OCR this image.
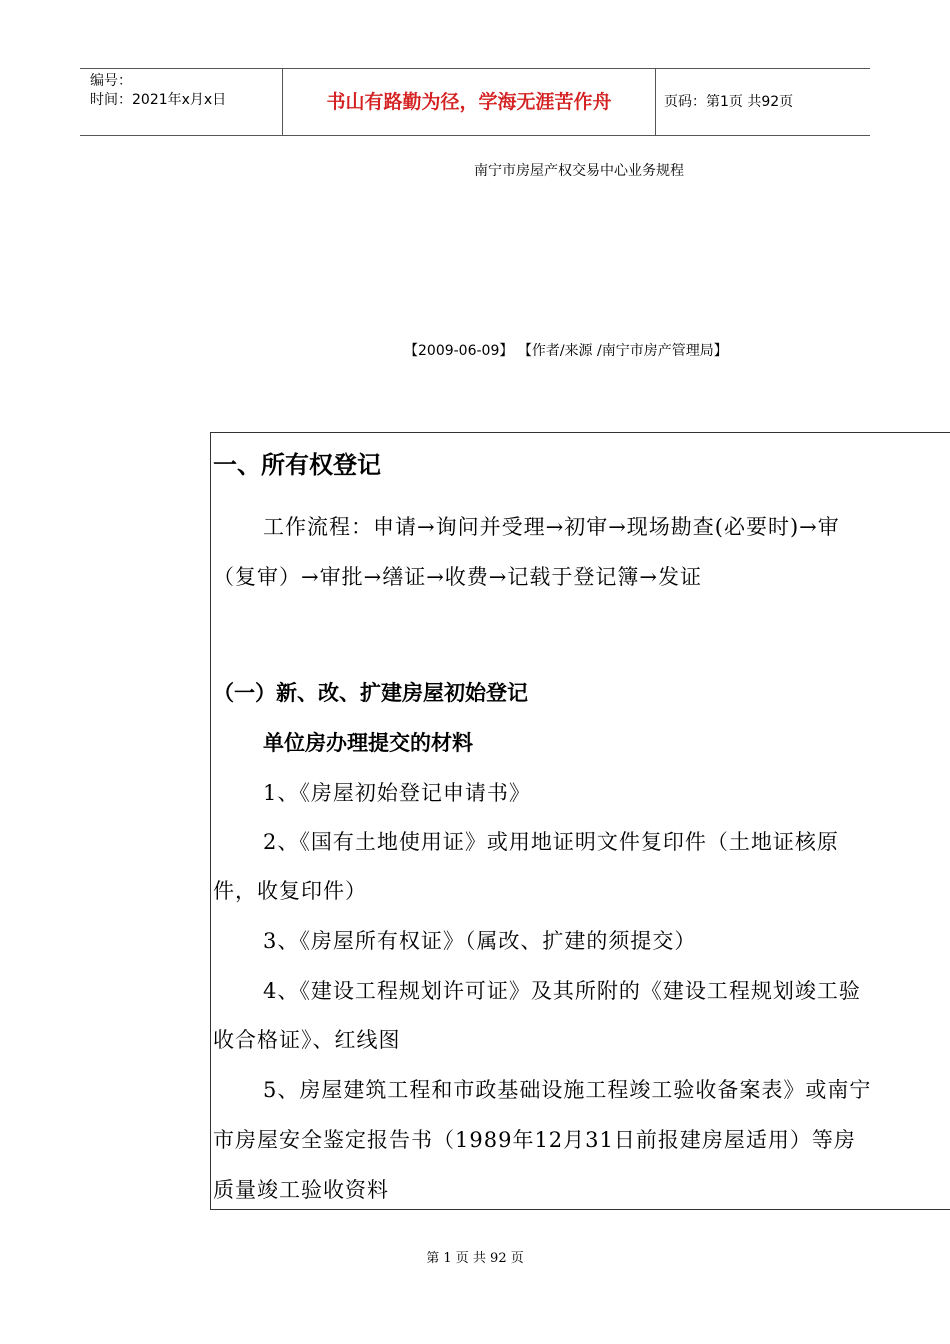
编号：
时间：2021年x月x日	书山有路勤为径，学海无涯苦作舟	页码：第1页 共92页
南宁市房屋产权交易中心业务规程
【2009-06-09】 【作者/来源 /南宁市房产管理局】
一、所有权登记
工作流程：申请→询问并受理→初审→现场勘查(必要时)→审
（复审）→审批→缮证→收费→记载于登记簿→发证
（一）新、改、扩建房屋初始登记
单位房办理提交的材料
1、《房屋初始登记申请书》
2、《国有土地使用证》或用地证明文件复印件（土地证核原
件，收复印件）
3、《房屋所有权证》（属改、扩建的须提交）
4、《建设工程规划许可证》及其所附的《建设工程规划竣工验
收合格证》、红线图
5、房屋建筑工程和市政基础设施工程竣工验收备案表》或南宁
市房屋安全鉴定报告书（1989年12月31日前报建房屋适用）等房
质量竣工验收资料
第 1 页 共 92 页
